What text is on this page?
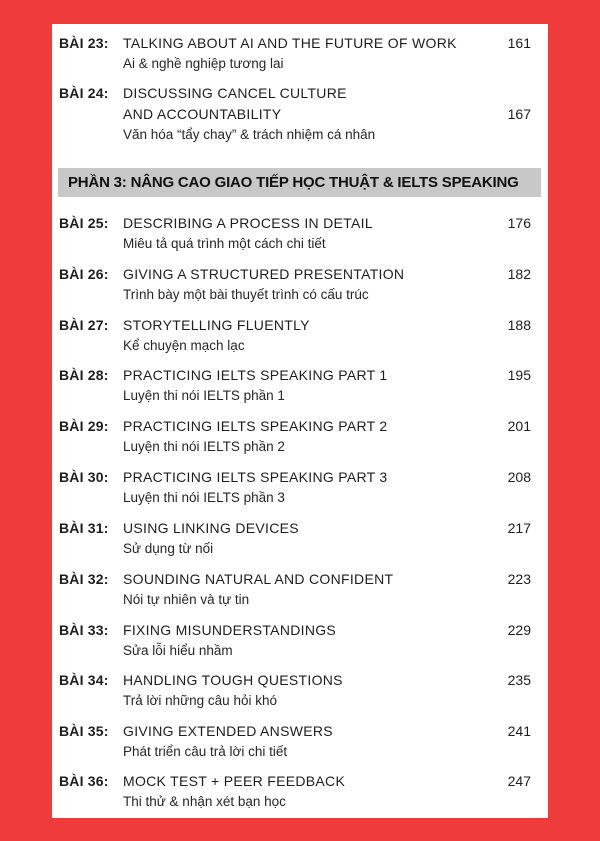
BÀI 23: TALKING ABOUT AI AND THE FUTURE OF WORK	161
Ai & nghề nghiệp tương lai
BÀI 24: DISCUSSING CANCEL CULTURE
AND ACCOUNTABILITY	167
Văn hóa “tẩy chay” & trách nhiệm cá nhân
PHẦN 3: NÂNG CAO GIAO TIẾP HỌC THUẬT & IELTS SPEAKING
BÀI 25: DESCRIBING A PROCESS IN DETAIL	176
Miêu tả quá trình một cách chi tiết
BÀI 26: GIVING A STRUCTURED PRESENTATION	182
Trình bày một bài thuyết trình có cấu trúc
BÀI 27: STORYTELLING FLUENTLY	188
Kể chuyện mạch lạc
BÀI 28: PRACTICING IELTS SPEAKING PART 1	195
Luyện thi nói IELTS phần 1
BÀI 29: PRACTICING IELTS SPEAKING PART 2	201
Luyện thi nói IELTS phần 2
BÀI 30: PRACTICING IELTS SPEAKING PART 3	208
Luyện thi nói IELTS phần 3
BÀI 31: USING LINKING DEVICES	217
Sử dụng từ nối
BÀI 32: SOUNDING NATURAL AND CONFIDENT	223
Nói tự nhiên và tự tin
BÀI 33: FIXING MISUNDERSTANDINGS	229
Sửa lỗi hiểu nhầm
BÀI 34: HANDLING TOUGH QUESTIONS	235
Trả lời những câu hỏi khó
BÀI 35: GIVING EXTENDED ANSWERS	241
Phát triển câu trả lời chi tiết
BÀI 36: MOCK TEST + PEER FEEDBACK	247
Thi thử & nhận xét bạn học
